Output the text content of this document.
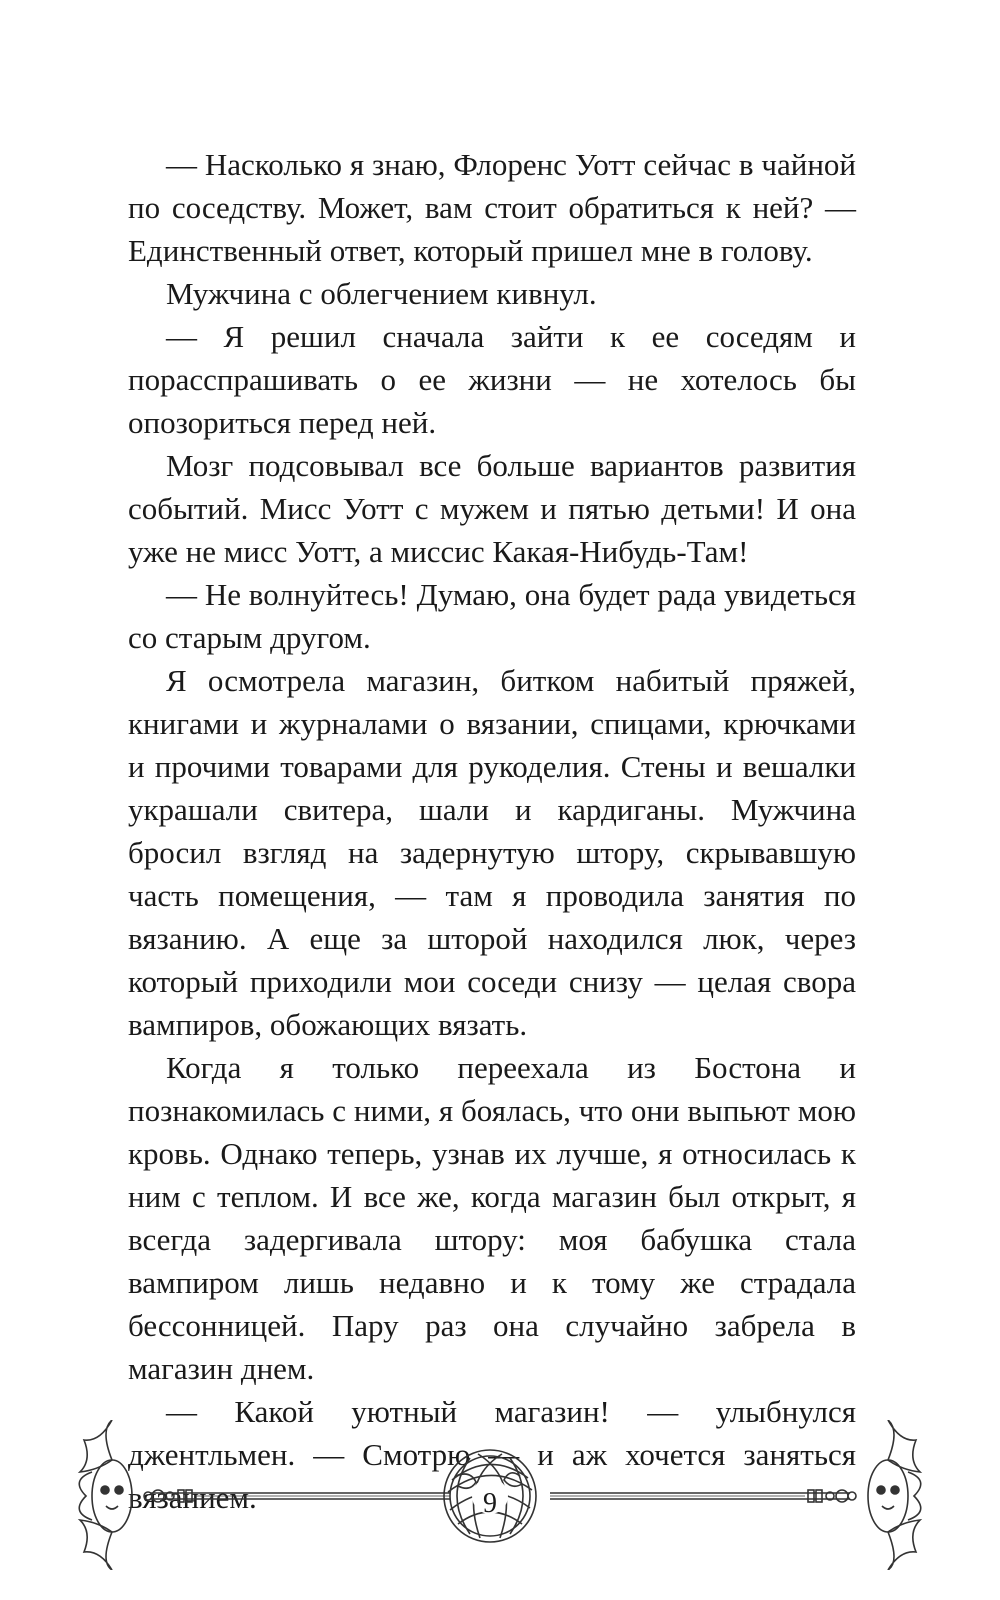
— Насколько я знаю, Флоренс Уотт сейчас в чайной по соседству. Может, вам стоит обратиться к ней? — Единственный ответ, который пришел мне в голову.

Мужчина с облегчением кивнул.

— Я решил сначала зайти к ее соседям и порасспрашивать о ее жизни — не хотелось бы опозориться перед ней.

Мозг подсовывал все больше вариантов развития событий. Мисс Уотт с мужем и пятью детьми! И она уже не мисс Уотт, а миссис Какая-Нибудь-Там!

— Не волнуйтесь! Думаю, она будет рада увидеться со старым другом.

Я осмотрела магазин, битком набитый пряжей, книгами и журналами о вязании, спицами, крючками и прочими товарами для рукоделия. Стены и вешалки украшали свитера, шали и кардиганы. Мужчина бросил взгляд на задернутую штору, скрывавшую часть помещения, — там я проводила занятия по вязанию. А еще за шторой находился люк, через который приходили мои соседи снизу — целая свора вампиров, обожающих вязать.

Когда я только переехала из Бостона и познакомилась с ними, я боялась, что они выпьют мою кровь. Однако теперь, узнав их лучше, я относилась к ним с теплом. И все же, когда магазин был открыт, я всегда задергивала штору: моя бабушка стала вампиром лишь недавно и к тому же страдала бессонницей. Пару раз она случайно забрела в магазин днем.

— Какой уютный магазин! — улыбнулся джентльмен. — Смотрю — и аж хочется заняться вязанием.	9
